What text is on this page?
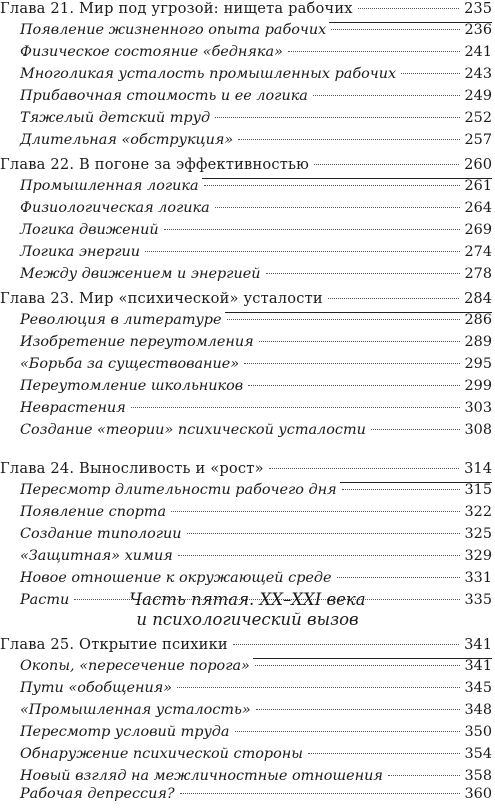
Глава 21. Мир под угрозой: нищета рабочих	235
Появление жизненного опыта рабочих	236
Физическое состояние «бедняка»	241
Многоликая усталость промышленных рабочих	243
Прибавочная стоимость и ее логика	249
Тяжелый детский труд	252
Длительная «обструкция»	257
Глава 22. В погоне за эффективностью	260
Промышленная логика	261
Физиологическая логика	264
Логика движений	269
Логика энергии	274
Между движением и энергией	278
Глава 23. Мир «психической» усталости	284
Революция в литературе	286
Изобретение переутомления	289
«Борьба за существование»	295
Переутомление школьников	299
Неврастения	303
Создание «теории» психической усталости	308
Глава 24. Выносливость и «рост»	314
Пересмотр длительности рабочего дня	315
Появление спорта	322
Создание типологии	325
«Защитная» химия	329
Новое отношение к окружающей среде	331
Расти	335
Часть пятая. XX–XXI века
и психологический вызов
Глава 25. Открытие психики	341
Окопы, «пересечение порога»	341
Пути «обобщения»	345
«Промышленная усталость»	348
Пересмотр условий труда	350
Обнаружение психической стороны	354
Новый взгляд на межличностные отношения	358
Рабочая депрессия?	360
